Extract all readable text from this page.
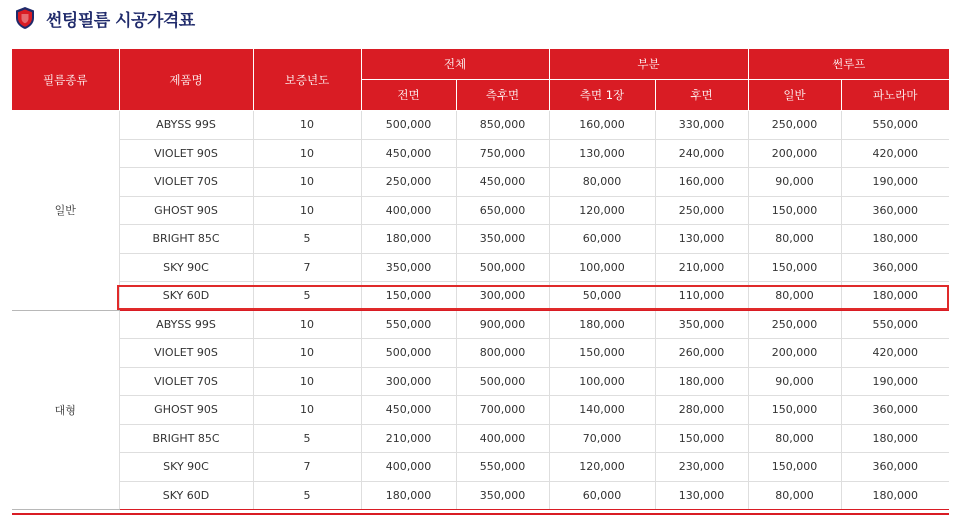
썬팅필름 시공가격표
필름종류	제품명	보증년도	전체		부분		썬루프	
			전면	측후면	측면 1장	후면	일반	파노라마
일반	ABYSS 99S	10	500,000	850,000	160,000	330,000	250,000	550,000
	VIOLET 90S	10	450,000	750,000	130,000	240,000	200,000	420,000
	VIOLET 70S	10	250,000	450,000	80,000	160,000	90,000	190,000
	GHOST 90S	10	400,000	650,000	120,000	250,000	150,000	360,000
	BRIGHT 85C	5	180,000	350,000	60,000	130,000	80,000	180,000
	SKY 90C	7	350,000	500,000	100,000	210,000	150,000	360,000
	SKY 60D	5	150,000	300,000	50,000	110,000	80,000	180,000
대형	ABYSS 99S	10	550,000	900,000	180,000	350,000	250,000	550,000
	VIOLET 90S	10	500,000	800,000	150,000	260,000	200,000	420,000
	VIOLET 70S	10	300,000	500,000	100,000	180,000	90,000	190,000
	GHOST 90S	10	450,000	700,000	140,000	280,000	150,000	360,000
	BRIGHT 85C	5	210,000	400,000	70,000	150,000	80,000	180,000
	SKY 90C	7	400,000	550,000	120,000	230,000	150,000	360,000
	SKY 60D	5	180,000	350,000	60,000	130,000	80,000	180,000
